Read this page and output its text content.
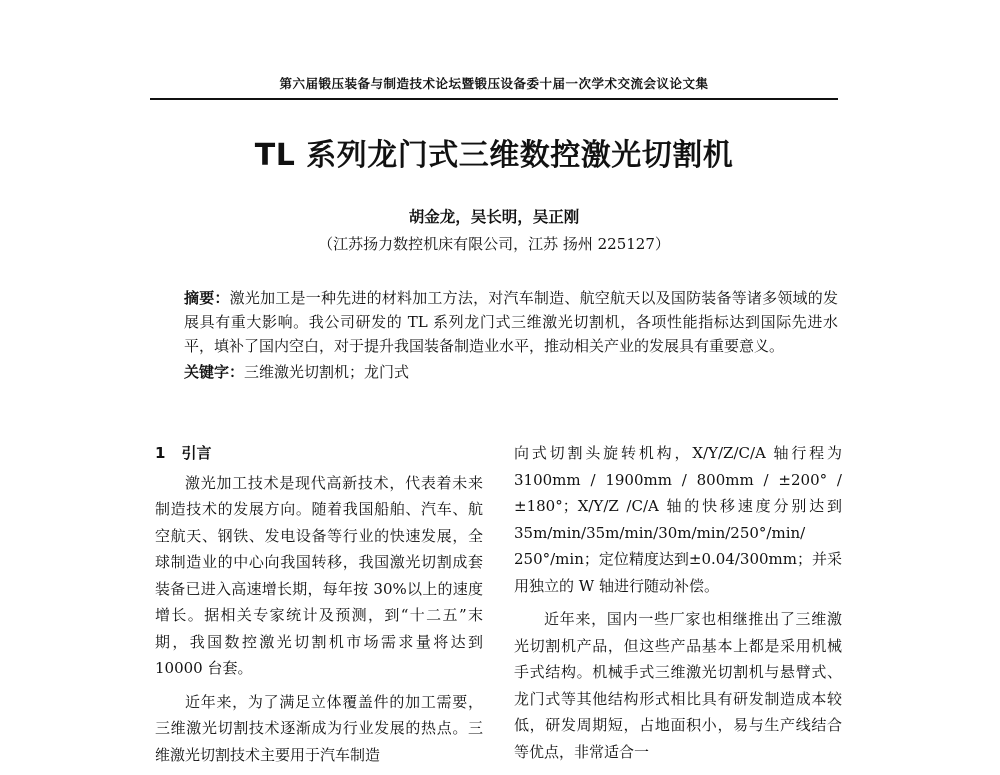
第六届锻压装备与制造技术论坛暨锻压设备委十届一次学术交流会议论文集
TL 系列龙门式三维数控激光切割机
胡金龙，吴长明，吴正刚
（江苏扬力数控机床有限公司，江苏 扬州 225127）
摘要：激光加工是一种先进的材料加工方法，对汽车制造、航空航天以及国防装备等诸多领域的发展具有重大影响。我公司研发的 TL 系列龙门式三维激光切割机，各项性能指标达到国际先进水平，填补了国内空白，对于提升我国装备制造业水平，推动相关产业的发展具有重要意义。
关键字：三维激光切割机；龙门式
1 引言

激光加工技术是现代高新技术，代表着未来制造技术的发展方向。随着我国船舶、汽车、航空航天、钢铁、发电设备等行业的快速发展，全球制造业的中心向我国转移，我国激光切割成套装备已进入高速增长期，每年按 30%以上的速度增长。据相关专家统计及预测，到“十二五”末期，我国数控激光切割机市场需求量将达到 10000 台套。

近年来，为了满足立体覆盖件的加工需要，三维激光切割技术逐渐成为行业发展的热点。三维激光切割技术主要用于汽车制造

向式切割头旋转机构，X/Y/Z/C/A 轴行程为 3100mm / 1900mm / 800mm / ±200° / ±180°；X/Y/Z /C/A 轴的快移速度分别达到 35m/min/35m/min/30m/min/250°/min/ 250°/min；定位精度达到±0.04/300mm；并采用独立的 W 轴进行随动补偿。

近年来，国内一些厂家也相继推出了三维激光切割机产品，但这些产品基本上都是采用机械手式结构。机械手式三维激光切割机与悬臂式、龙门式等其他结构形式相比具有研发制造成本较低，研发周期短，占地面积小，易与生产线结合等优点，非常适合一
